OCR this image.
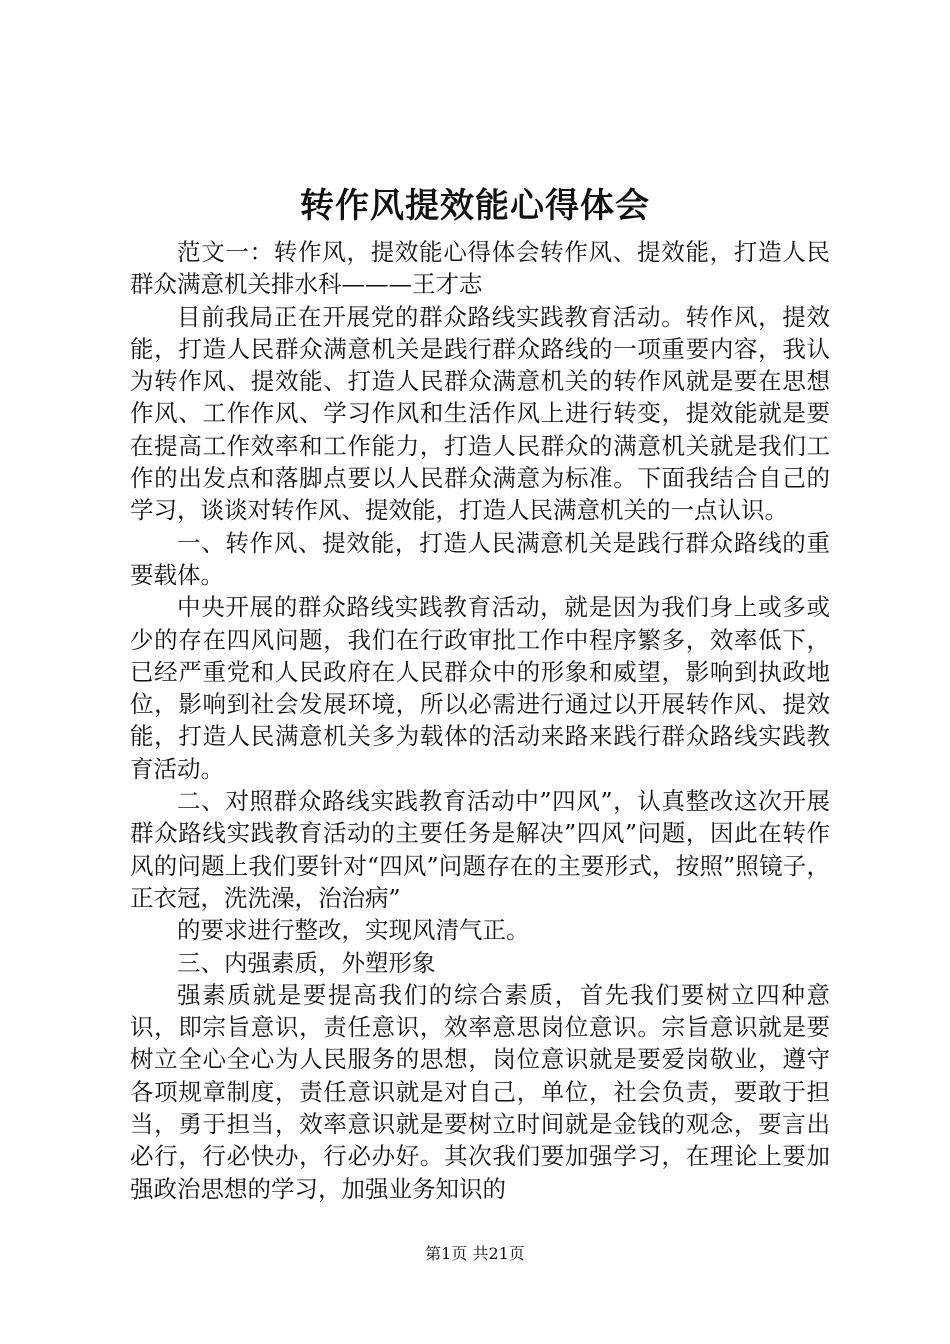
转作风提效能心得体会

范文一：转作风，提效能心得体会转作风、提效能，打造人民群众满意机关排水科———王才志

目前我局正在开展党的群众路线实践教育活动。转作风，提效能，打造人民群众满意机关是践行群众路线的一项重要内容，我认为转作风、提效能、打造人民群众满意机关的转作风就是要在思想作风、工作作风、学习作风和生活作风上进行转变，提效能就是要在提高工作效率和工作能力，打造人民群众的满意机关就是我们工作的出发点和落脚点要以人民群众满意为标准。下面我结合自己的学习，谈谈对转作风、提效能，打造人民满意机关的一点认识。

一、转作风、提效能，打造人民满意机关是践行群众路线的重要载体。

中央开展的群众路线实践教育活动，就是因为我们身上或多或少的存在四风问题，我们在行政审批工作中程序繁多，效率低下，已经严重党和人民政府在人民群众中的形象和威望，影响到执政地位，影响到社会发展环境，所以必需进行通过以开展转作风、提效能，打造人民满意机关多为载体的活动来路来践行群众路线实践教育活动。

二、对照群众路线实践教育活动中”四风”，认真整改这次开展群众路线实践教育活动的主要任务是解决”四风”问题，因此在转作风的问题上我们要针对“四风”问题存在的主要形式，按照”照镜子，正衣冠，洗洗澡，治治病”

的要求进行整改，实现风清气正。

三、内强素质，外塑形象

强素质就是要提高我们的综合素质，首先我们要树立四种意识，即宗旨意识，责任意识，效率意思岗位意识。宗旨意识就是要树立全心全心为人民服务的思想，岗位意识就是要爱岗敬业，遵守各项规章制度，责任意识就是对自己，单位，社会负责，要敢于担当，勇于担当，效率意识就是要树立时间就是金钱的观念，要言出必行，行必快办，行必办好。其次我们要加强学习，在理论上要加强政治思想的学习，加强业务知识的

第1页 共21页
